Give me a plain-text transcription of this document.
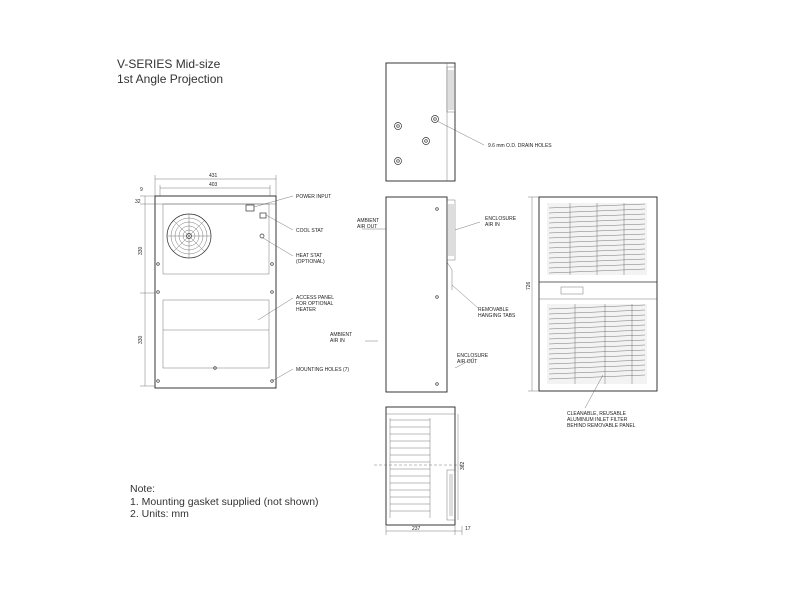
V-SERIES Mid-size
1st Angle Projection
Note:
1. Mounting gasket supplied (not shown)
2. Units: mm
431
403
9
32
330
330
POWER INPUT
COOL STAT
HEAT STAT
(OPTIONAL)
ACCESS PANEL
FOR OPTIONAL
HEATER
MOUNTING HOLES (7)
9.6 mm O.D. DRAIN HOLES
AMBIENT
AIR OUT
AMBIENT
AIR IN
ENCLOSURE
AIR IN
REMOVABLE
HANGING TABS
ENCLOSURE
AIR OUT
237	17
362
726
CLEANABLE, REUSABLE
ALUMINUM INLET FILTER
BEHIND REMOVABLE PANEL
